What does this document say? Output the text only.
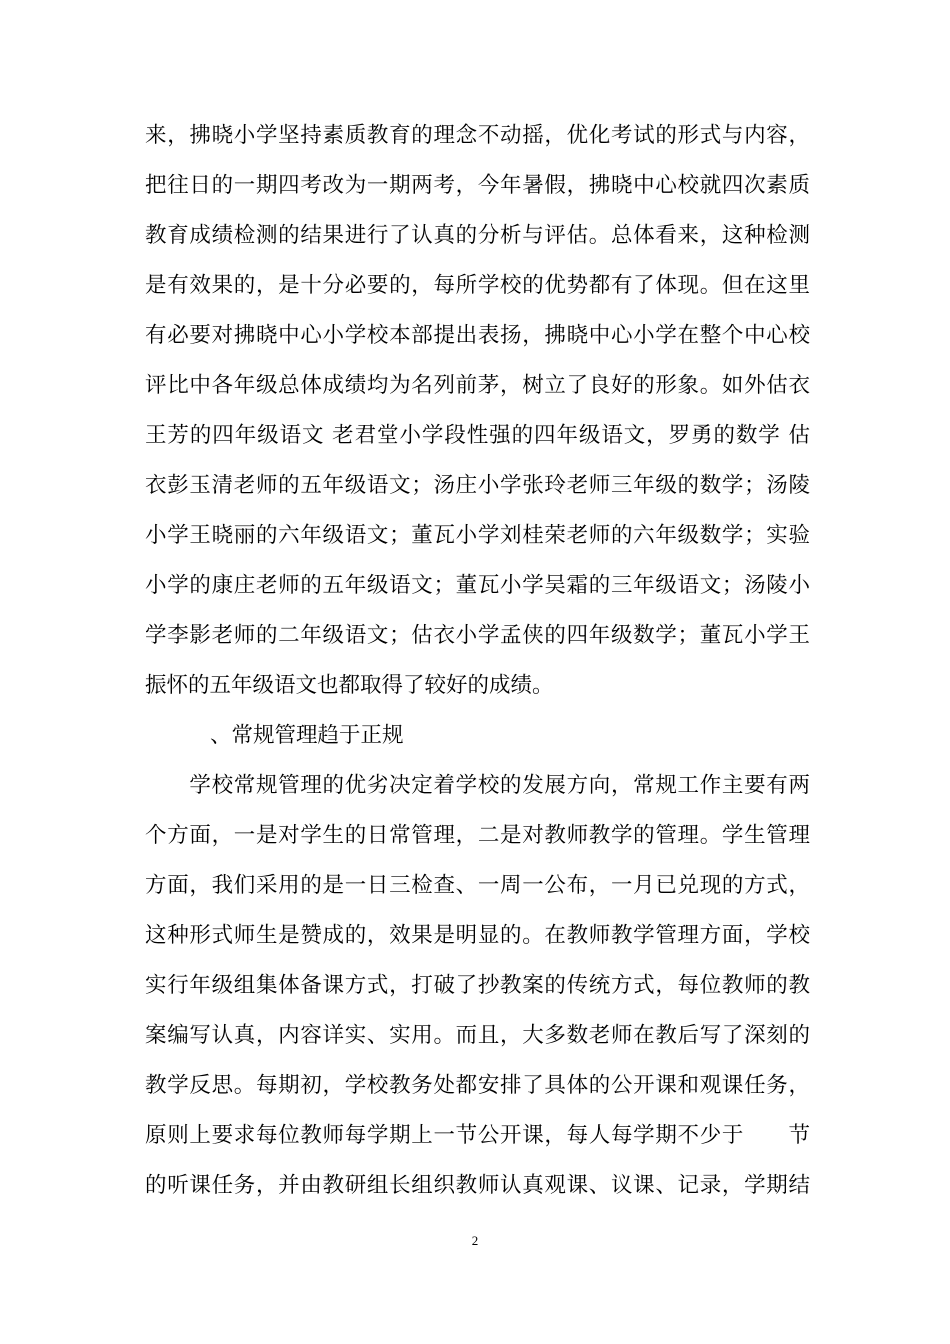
来，拂晓小学坚持素质教育的理念不动摇，优化考试的形式与内容，
把往日的一期四考改为一期两考，今年暑假，拂晓中心校就四次素质
教育成绩检测的结果进行了认真的分析与评估。总体看来，这种检测
是有效果的，是十分必要的，每所学校的优势都有了体现。但在这里
有必要对拂晓中心小学校本部提出表扬，拂晓中心小学在整个中心校
评比中各年级总体成绩均为名列前茅，树立了良好的形象。如外估衣
王芳的四年级语文 老君堂小学段性强的四年级语文，罗勇的数学 估
衣彭玉清老师的五年级语文；汤庄小学张玲老师三年级的数学；汤陵
小学王晓丽的六年级语文；董瓦小学刘桂荣老师的六年级数学；实验
小学的康庄老师的五年级语文；董瓦小学吴霜的三年级语文；汤陵小
学李影老师的二年级语文；估衣小学孟侠的四年级数学；董瓦小学王
振怀的五年级语文也都取得了较好的成绩。
、常规管理趋于正规
　　学校常规管理的优劣决定着学校的发展方向，常规工作主要有两
个方面，一是对学生的日常管理，二是对教师教学的管理。学生管理
方面，我们采用的是一日三检查、一周一公布，一月已兑现的方式，
这种形式师生是赞成的，效果是明显的。在教师教学管理方面，学校
实行年级组集体备课方式，打破了抄教案的传统方式，每位教师的教
案编写认真，内容详实、实用。而且，大多数老师在教后写了深刻的
教学反思。每期初，学校教务处都安排了具体的公开课和观课任务，
原则上要求每位教师每学期上一节公开课，每人每学期不少于　　节
的听课任务，并由教研组长组织教师认真观课、议课、记录，学期结
2
